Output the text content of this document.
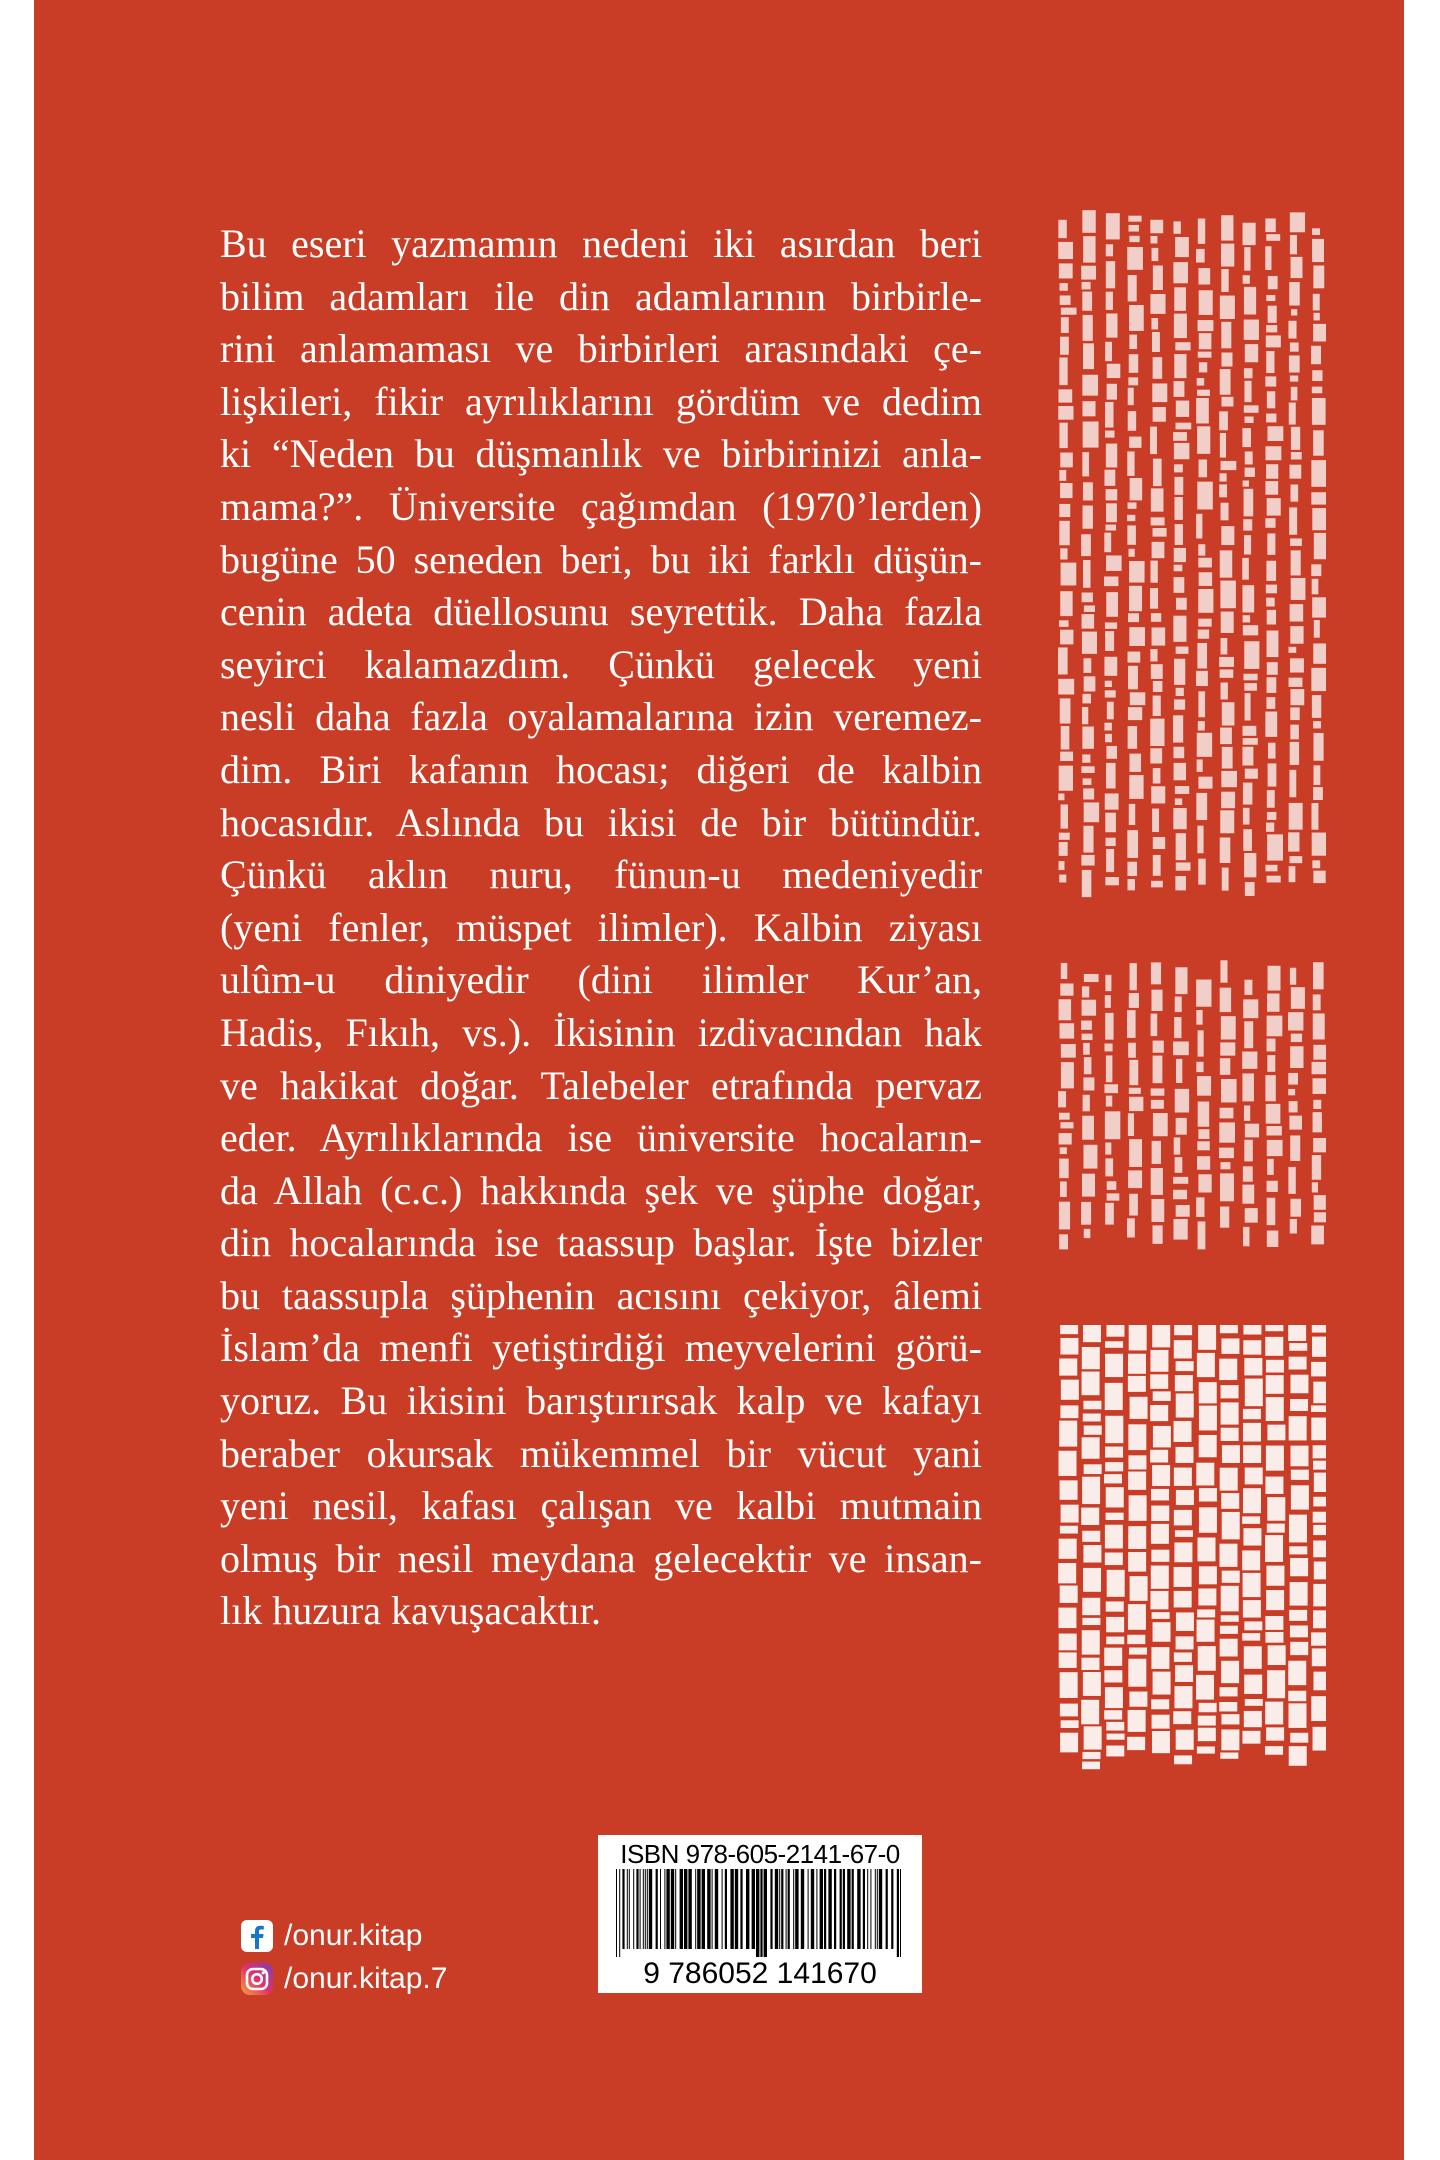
Bu eseri yazmamın nedeni iki asırdan beri
bilim adamları ile din adamlarının birbirle-
rini anlamaması ve birbirleri arasındaki çe-
lişkileri, fikir ayrılıklarını gördüm ve dedim
ki “Neden bu düşmanlık ve birbirinizi anla-
mama?”. Üniversite çağımdan (1970’lerden)
bugüne 50 seneden beri, bu iki farklı düşün-
cenin adeta düellosunu seyrettik. Daha fazla
seyirci kalamazdım. Çünkü gelecek yeni
nesli daha fazla oyalamalarına izin veremez-
dim. Biri kafanın hocası; diğeri de kalbin
hocasıdır. Aslında bu ikisi de bir bütündür.
Çünkü aklın nuru, fünun-u medeniyedir
(yeni fenler, müspet ilimler). Kalbin ziyası
ulûm-u diniyedir (dini ilimler Kur’an,
Hadis, Fıkıh, vs.). İkisinin izdivacından hak
ve hakikat doğar. Talebeler etrafında pervaz
eder. Ayrılıklarında ise üniversite hocaların-
da Allah (c.c.) hakkında şek ve şüphe doğar,
din hocalarında ise taassup başlar. İşte bizler
bu taassupla şüphenin acısını çekiyor, âlemi
İslam’da menfi yetiştirdiği meyvelerini görü-
yoruz. Bu ikisini barıştırırsak kalp ve kafayı
beraber okursak mükemmel bir vücut yani
yeni nesil, kafası çalışan ve kalbi mutmain
olmuş bir nesil meydana gelecektir ve insan-
lık huzura kavuşacaktır.
/onur.kitap
/onur.kitap.7
ISBN 978-605-2141-67-0
9 786052 141670
